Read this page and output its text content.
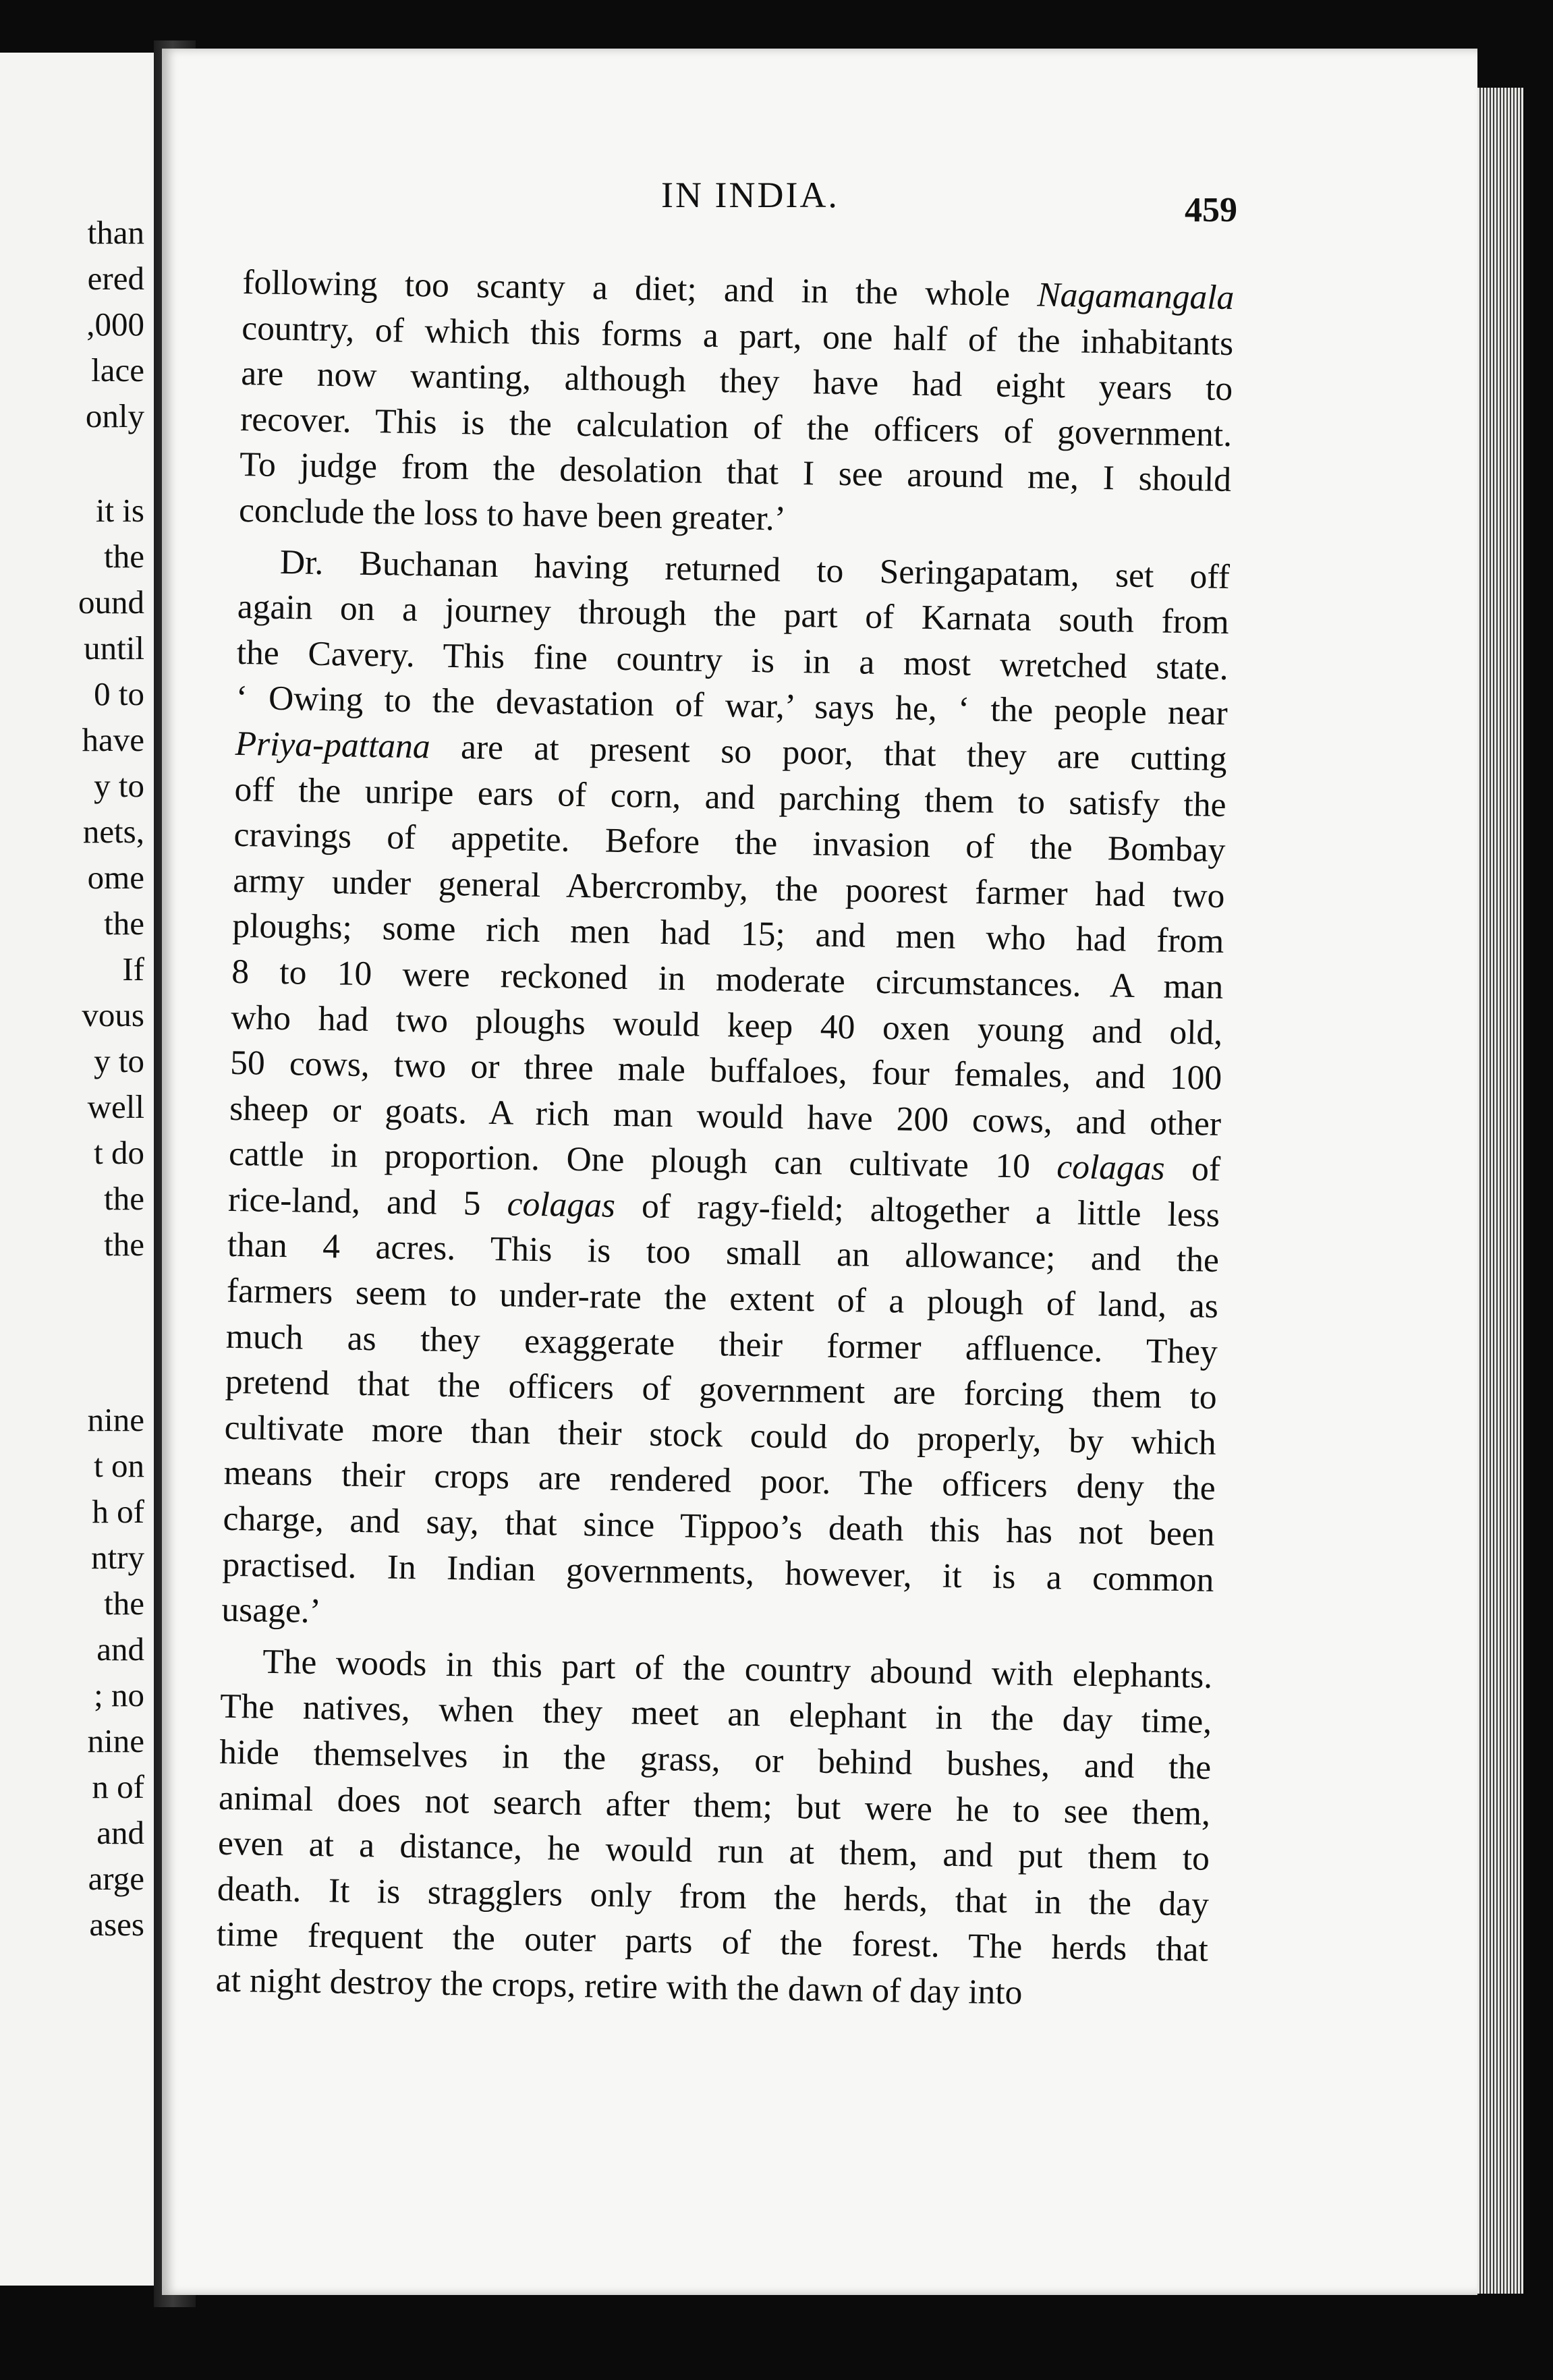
than
ered
,000
lace
only
it is
the
ound
until
0 to
have
y to
nets,
ome
the
If
vous
y to
well
t do
the
the
nine
t on
h of
ntry
the
and
; no
nine
n of
and
arge
ases
IN INDIA.	459
following too scanty a diet; and in the whole Nagamangala
country, of which this forms a part, one half of the inhabitants
are now wanting, although they have had eight years to
recover. This is the calculation of the officers of government.
To judge from the desolation that I see around me, I should
conclude the loss to have been greater.’
Dr. Buchanan having returned to Seringapatam, set off
again on a journey through the part of Karnata south from
the Cavery. This fine country is in a most wretched state.
‘ Owing to the devastation of war,’ says he, ‘ the people near
Priya-pattana are at present so poor, that they are cutting
off the unripe ears of corn, and parching them to satisfy the
cravings of appetite. Before the invasion of the Bombay
army under general Abercromby, the poorest farmer had two
ploughs; some rich men had 15; and men who had from
8 to 10 were reckoned in moderate circumstances. A man
who had two ploughs would keep 40 oxen young and old,
50 cows, two or three male buffaloes, four females, and 100
sheep or goats. A rich man would have 200 cows, and other
cattle in proportion. One plough can cultivate 10 colagas of
rice-land, and 5 colagas of ragy-field; altogether a little less
than 4 acres. This is too small an allowance; and the
farmers seem to under-rate the extent of a plough of land, as
much as they exaggerate their former affluence. They
pretend that the officers of government are forcing them to
cultivate more than their stock could do properly, by which
means their crops are rendered poor. The officers deny the
charge, and say, that since Tippoo’s death this has not been
practised. In Indian governments, however, it is a common
usage.’
The woods in this part of the country abound with elephants.
The natives, when they meet an elephant in the day time,
hide themselves in the grass, or behind bushes, and the
animal does not search after them; but were he to see them,
even at a distance, he would run at them, and put them to
death. It is stragglers only from the herds, that in the day
time frequent the outer parts of the forest. The herds that
at night destroy the crops, retire with the dawn of day into
